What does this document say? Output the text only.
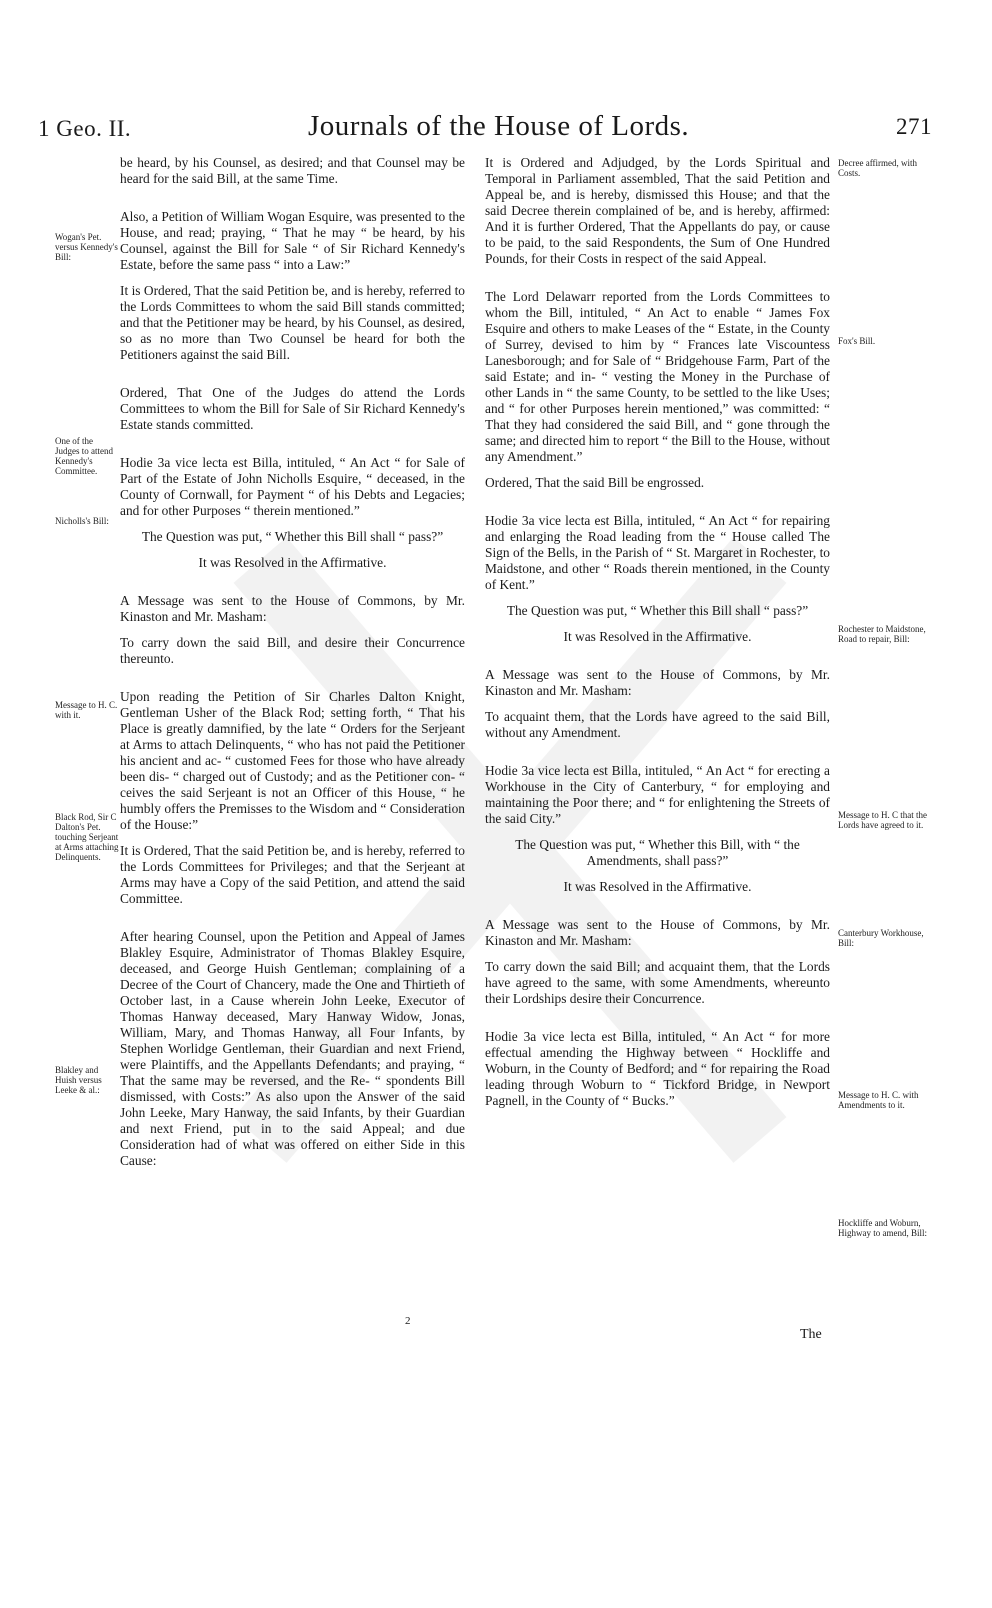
1 Geo. II.	Journals of the House of Lords.	271

be heard, by his Counsel, as desired; and that Counsel may be heard for the said Bill, at the same Time.

Also, a Petition of William Wogan Esquire, was presented to the House, and read; praying, “ That he may “ be heard, by his Counsel, against the Bill for Sale “ of Sir Richard Kennedy's Estate, before the same pass “ into a Law:”

It is Ordered, That the said Petition be, and is hereby, referred to the Lords Committees to whom the said Bill stands committed; and that the Petitioner may be heard, by his Counsel, as desired, so as no more than Two Counsel be heard for both the Petitioners against the said Bill.

Ordered, That One of the Judges do attend the Lords Committees to whom the Bill for Sale of Sir Richard Kennedy's Estate stands committed.

Hodie 3a vice lecta est Billa, intituled, “ An Act “ for Sale of Part of the Estate of John Nicholls Esquire, “ deceased, in the County of Cornwall, for Payment “ of his Debts and Legacies; and for other Purposes “ therein mentioned.”

The Question was put, “ Whether this Bill shall “ pass?”

It was Resolved in the Affirmative.

A Message was sent to the House of Commons, by Mr. Kinaston and Mr. Masham:

To carry down the said Bill, and desire their Concurrence thereunto.

Upon reading the Petition of Sir Charles Dalton Knight, Gentleman Usher of the Black Rod; setting forth, “ That his Place is greatly damnified, by the late “ Orders for the Serjeant at Arms to attach Delinquents, “ who has not paid the Petitioner his ancient and ac- “ customed Fees for those who have already been dis- “ charged out of Custody; and as the Petitioner con- “ ceives the said Serjeant is not an Officer of this House, “ he humbly offers the Premisses to the Wisdom and “ Consideration of the House:”

It is Ordered, That the said Petition be, and is hereby, referred to the Lords Committees for Privileges; and that the Serjeant at Arms may have a Copy of the said Petition, and attend the said Committee.

After hearing Counsel, upon the Petition and Appeal of James Blakley Esquire, Administrator of Thomas Blakley Esquire, deceased, and George Huish Gentleman; complaining of a Decree of the Court of Chancery, made the One and Thirtieth of October last, in a Cause wherein John Leeke, Executor of Thomas Hanway deceased, Mary Hanway Widow, Jonas, William, Mary, and Thomas Hanway, all Four Infants, by Stephen Worlidge Gentleman, their Guardian and next Friend, were Plaintiffs, and the Appellants Defendants; and praying, “ That the same may be reversed, and the Re- “ spondents Bill dismissed, with Costs:” As also upon the Answer of the said John Leeke, Mary Hanway, the said Infants, by their Guardian and next Friend, put in to the said Appeal; and due Consideration had of what was offered on either Side in this Cause:

Wogan's Pet. versus Kennedy's Bill:
One of the Judges to attend Kennedy's Committee.
Nicholls's Bill:
Message to H. C. with it.
Black Rod, Sir C Dalton's Pet. touching Serjeant at Arms attaching Delinquents.
Blakley and Huish versus Leeke & al.:

It is Ordered and Adjudged, by the Lords Spiritual and Temporal in Parliament assembled, That the said Petition and Appeal be, and is hereby, dismissed this House; and that the said Decree therein complained of be, and is hereby, affirmed: And it is further Ordered, That the Appellants do pay, or cause to be paid, to the said Respondents, the Sum of One Hundred Pounds, for their Costs in respect of the said Appeal.

The Lord Delawarr reported from the Lords Committees to whom the Bill, intituled, “ An Act to enable “ James Fox Esquire and others to make Leases of the “ Estate, in the County of Surrey, devised to him by “ Frances late Viscountess Lanesborough; and for Sale of “ Bridgehouse Farm, Part of the said Estate; and in- “ vesting the Money in the Purchase of other Lands in “ the same County, to be settled to the like Uses; and “ for other Purposes herein mentioned,” was committed: “ That they had considered the said Bill, and “ gone through the same; and directed him to report “ the Bill to the House, without any Amendment.”

Ordered, That the said Bill be engrossed.

Hodie 3a vice lecta est Billa, intituled, “ An Act “ for repairing and enlarging the Road leading from the “ House called The Sign of the Bells, in the Parish of “ St. Margaret in Rochester, to Maidstone, and other “ Roads therein mentioned, in the County of Kent.”

The Question was put, “ Whether this Bill shall “ pass?”

It was Resolved in the Affirmative.

A Message was sent to the House of Commons, by Mr. Kinaston and Mr. Masham:

To acquaint them, that the Lords have agreed to the said Bill, without any Amendment.

Hodie 3a vice lecta est Billa, intituled, “ An Act “ for erecting a Workhouse in the City of Canterbury, “ for employing and maintaining the Poor there; and “ for enlightening the Streets of the said City.”

The Question was put, “ Whether this Bill, with “ the Amendments, shall pass?”

It was Resolved in the Affirmative.

A Message was sent to the House of Commons, by Mr. Kinaston and Mr. Masham:

To carry down the said Bill; and acquaint them, that the Lords have agreed to the same, with some Amendments, whereunto their Lordships desire their Concurrence.

Hodie 3a vice lecta est Billa, intituled, “ An Act “ for more effectual amending the Highway between “ Hockliffe and Woburn, in the County of Bedford; and “ for repairing the Road leading through Woburn to “ Tickford Bridge, in Newport Pagnell, in the County of “ Bucks.”

Decree affirmed, with Costs.
Fox's Bill.
Rochester to Maidstone, Road to repair, Bill:
Message to H. C that the Lords have agreed to it.
Canterbury Workhouse, Bill:
Message to H. C. with Amendments to it.
Hockliffe and Woburn, Highway to amend, Bill:
2
The
